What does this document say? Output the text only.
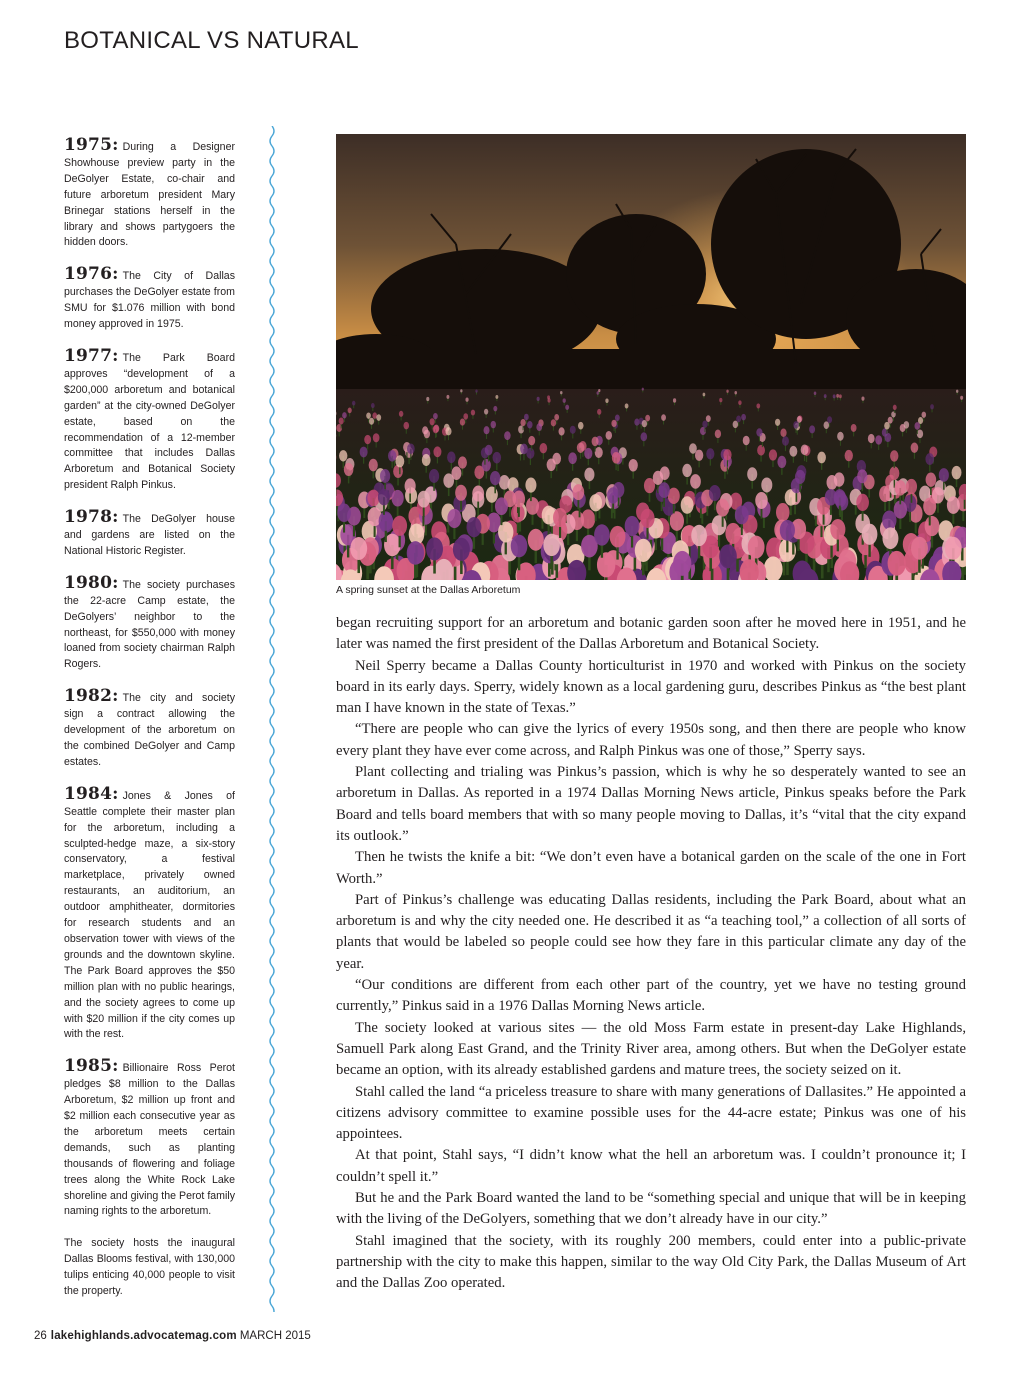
BOTANICAL VS NATURAL

1975: During a Designer Showhouse preview party in the DeGolyer Estate, co-chair and future arboretum president Mary Brinegar stations herself in the library and shows partygoers the hidden doors.

1976: The City of Dallas purchases the DeGolyer estate from SMU for $1.076 million with bond money approved in 1975.

1977: The Park Board approves “development of a $200,000 arboretum and botanical garden” at the city-owned DeGolyer estate, based on the recommendation of a 12-member committee that includes Dallas Arboretum and Botanical Society president Ralph Pinkus.

1978: The DeGolyer house and gardens are listed on the National Historic Register.

1980: The society purchases the 22-acre Camp estate, the DeGolyers’ neighbor to the northeast, for $550,000 with money loaned from society chairman Ralph Rogers.

1982: The city and society sign a contract allowing the development of the arboretum on the combined DeGolyer and Camp estates.

1984: Jones & Jones of Seattle complete their master plan for the arboretum, including a sculpted-hedge maze, a six-story conservatory, a festival marketplace, privately owned restaurants, an auditorium, an outdoor amphitheater, dormitories for research students and an observation tower with views of the grounds and the downtown skyline. The Park Board approves the $50 million plan with no public hearings, and the society agrees to come up with $20 million if the city comes up with the rest.

1985: Billionaire Ross Perot pledges $8 million to the Dallas Arboretum, $2 million up front and $2 million each consecutive year as the arboretum meets certain demands, such as planting thousands of flowering and foliage trees along the White Rock Lake shoreline and giving the Perot family naming rights to the arboretum.

The society hosts the inaugural Dallas Blooms festival, with 130,000 tulips enticing 40,000 people to visit the property.

A spring sunset at the Dallas Arboretum

began recruiting support for an arboretum and botanic garden soon after he moved here in 1951, and he later was named the first president of the Dallas Arboretum and Botanical Society.

Neil Sperry became a Dallas County horticulturist in 1970 and worked with Pinkus on the society board in its early days. Sperry, widely known as a local gardening guru, describes Pinkus as “the best plant man I have known in the state of Texas.”

“There are people who can give the lyrics of every 1950s song, and then there are people who know every plant they have ever come across, and Ralph Pinkus was one of those,” Sperry says.

Plant collecting and trialing was Pinkus’s passion, which is why he so desperately wanted to see an arboretum in Dallas. As reported in a 1974 Dallas Morning News article, Pinkus speaks before the Park Board and tells board members that with so many people moving to Dallas, it’s “vital that the city expand its outlook.”

Then he twists the knife a bit: “We don’t even have a botanical garden on the scale of the one in Fort Worth.”

Part of Pinkus’s challenge was educating Dallas residents, including the Park Board, about what an arboretum is and why the city needed one. He described it as “a teaching tool,” a collection of all sorts of plants that would be labeled so people could see how they fare in this particular climate any day of the year.

“Our conditions are different from each other part of the country, yet we have no testing ground currently,” Pinkus said in a 1976 Dallas Morning News article.

The society looked at various sites — the old Moss Farm estate in present-day Lake Highlands, Samuell Park along East Grand, and the Trinity River area, among others. But when the DeGolyer estate became an option, with its already established gardens and mature trees, the society seized on it.

Stahl called the land “a priceless treasure to share with many generations of Dallasites.” He appointed a citizens advisory committee to examine possible uses for the 44-acre estate; Pinkus was one of his appointees.

At that point, Stahl says, “I didn’t know what the hell an arboretum was. I couldn’t pronounce it; I couldn’t spell it.”

But he and the Park Board wanted the land to be “something special and unique that will be in keeping with the living of the DeGolyers, something that we don’t already have in our city.”

Stahl imagined that the society, with its roughly 200 members, could enter into a public-private partnership with the city to make this happen, similar to the way Old City Park, the Dallas Museum of Art and the Dallas Zoo operated.

26 lakehighlands.advocatemag.com MARCH 2015
